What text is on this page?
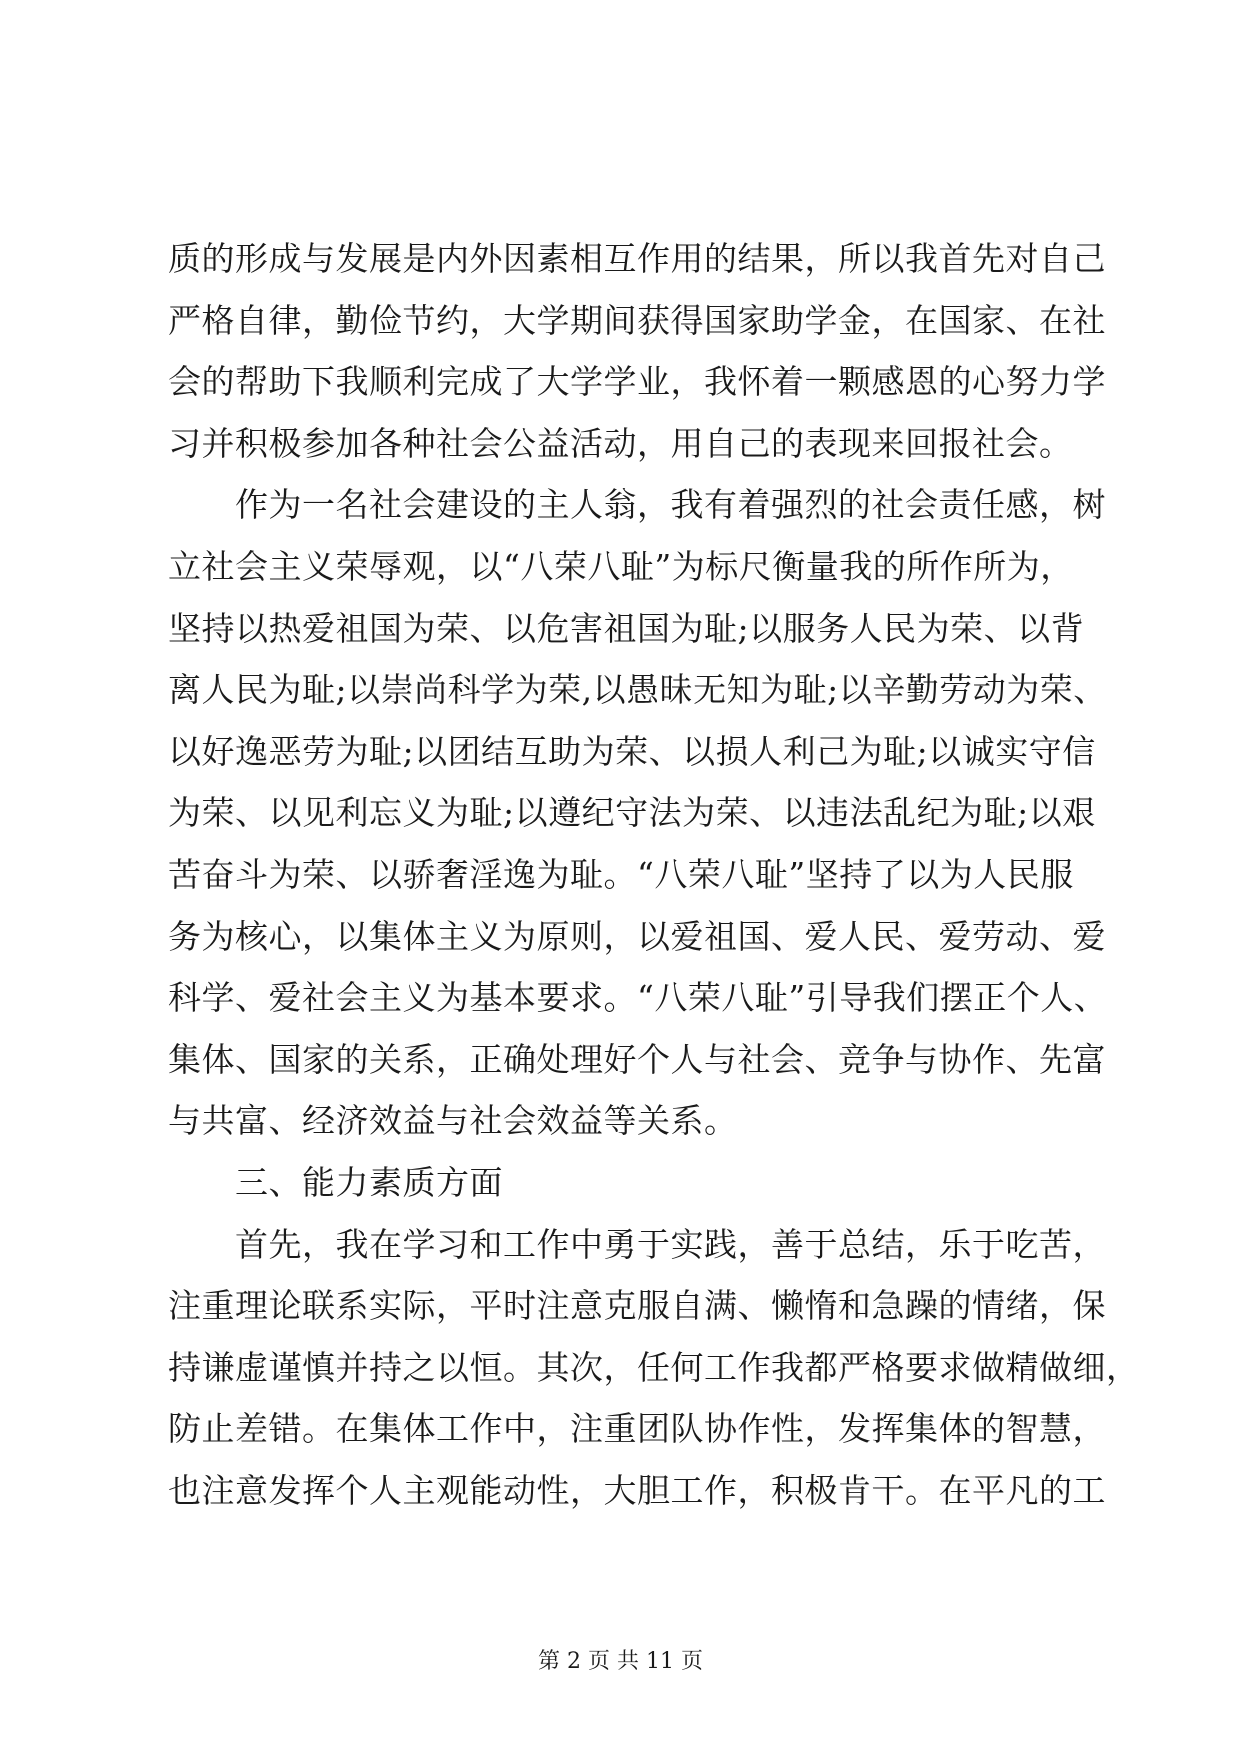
质的形成与发展是内外因素相互作用的结果，所以我首先对自己
严格自律，勤俭节约，大学期间获得国家助学金，在国家、在社
会的帮助下我顺利完成了大学学业，我怀着一颗感恩的心努力学
习并积极参加各种社会公益活动，用自己的表现来回报社会。
作为一名社会建设的主人翁，我有着强烈的社会责任感，树
立社会主义荣辱观，以“八荣八耻”为标尺衡量我的所作所为，
坚持以热爱祖国为荣、以危害祖国为耻;以服务人民为荣、以背
离人民为耻;以崇尚科学为荣,以愚昧无知为耻;以辛勤劳动为荣、
以好逸恶劳为耻;以团结互助为荣、以损人利己为耻;以诚实守信
为荣、以见利忘义为耻;以遵纪守法为荣、以违法乱纪为耻;以艰
苦奋斗为荣、以骄奢淫逸为耻。“八荣八耻”坚持了以为人民服
务为核心，以集体主义为原则，以爱祖国、爱人民、爱劳动、爱
科学、爱社会主义为基本要求。“八荣八耻”引导我们摆正个人、
集体、国家的关系，正确处理好个人与社会、竞争与协作、先富
与共富、经济效益与社会效益等关系。
三、能力素质方面
首先，我在学习和工作中勇于实践，善于总结，乐于吃苦，
注重理论联系实际，平时注意克服自满、懒惰和急躁的情绪，保
持谦虚谨慎并持之以恒。其次，任何工作我都严格要求做精做细，
防止差错。在集体工作中，注重团队协作性，发挥集体的智慧，
也注意发挥个人主观能动性，大胆工作，积极肯干。在平凡的工
第 2 页 共 11 页
